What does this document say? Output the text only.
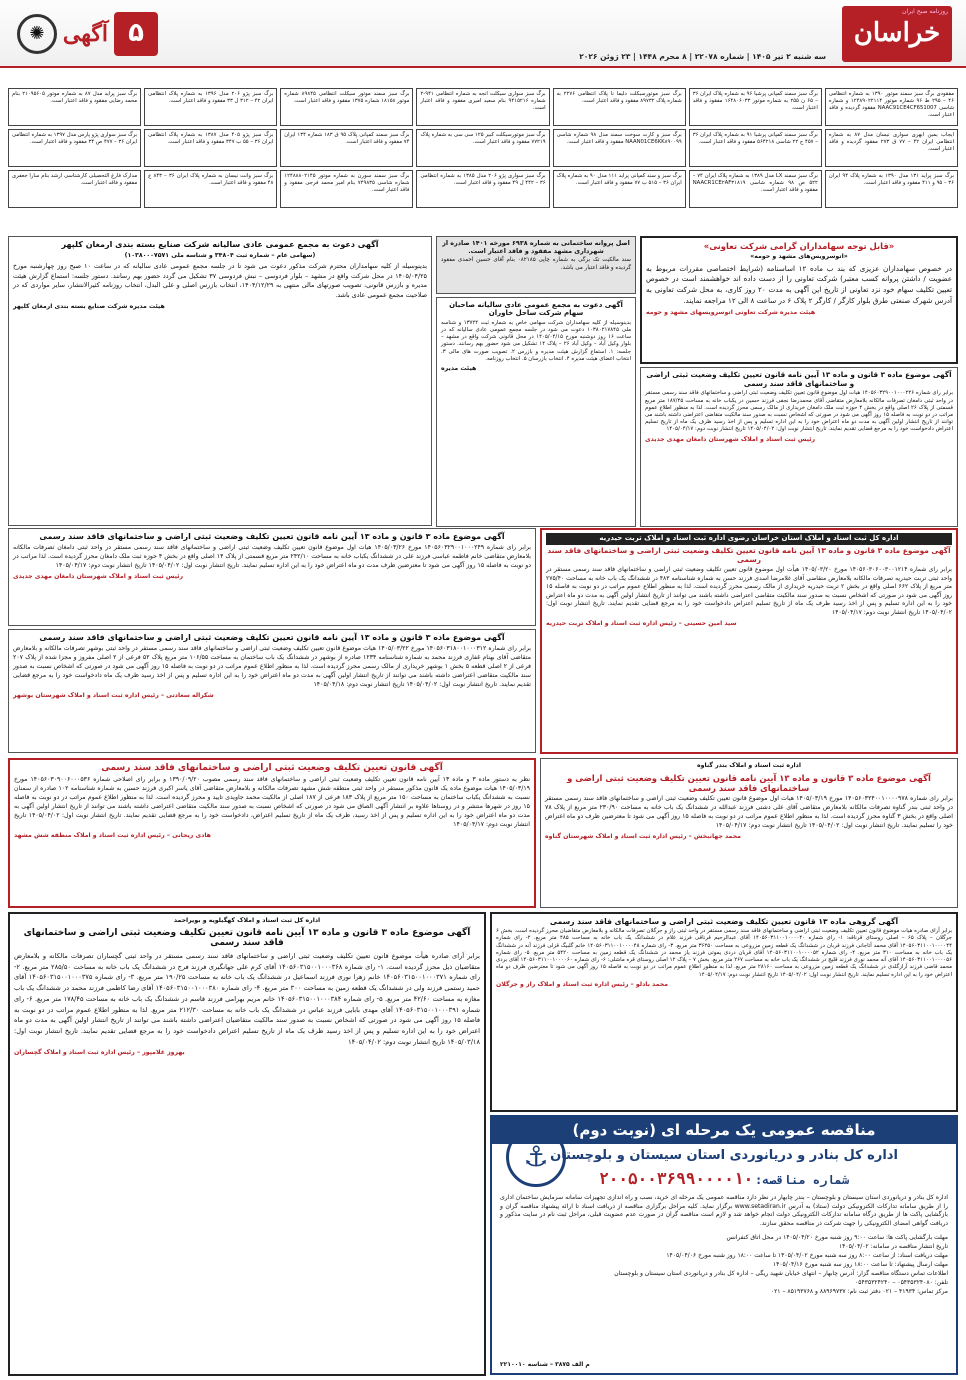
خراسان
روزنامه صبح ایران
سه شنبه ۲ تیر ۱۴۰۵ | شماره ۲۲۰۷۸ | ۸ محرم ۱۴۴۸ | ۲۳ ژوئن ۲۰۲۶
۵
آگهی
✺
مفقودی برگ سبز سمند موتور ۱۳۹۰ به شماره انتظامی ۴۶ – ۲۹۵ ط ۹۶ شماره موتور ۱۲۴۸۹۰۲۲۱۱۴ و شماره شاسی NAAC91CE4CF651007 مفقود گردیده و فاقد اعتبار است.
برگ سبز سمند کمپانی پرشیا ۹۶ به شماره پلاک ایران ۳۶ – ۶۵ ن ۲۵۵ به شماره موتور ۱۶۴۸۰۶۰۳۳ مفقود و فاقد اعتبار است.
برگ سبز موتورسیکلت دلیما نا پلاک انتظامی ۲۲۷۶ به شماره پلاک ۸۹۷۳۲ مفقود و فاقد اعتبار است.
برگ سبز سواری سیکلت انجه به شماره انتظامی ۹۴۱-۲ شماره ۹۴۱۵۲۱۶ بنام سعید امیری مفقود و فاقد اعتبار است.
برگ سبز سمند موتور سیکلت انتظامی ۸۹۸۴۵ شماره موتور ۱۸۱۵۸ شماره ۱۳۷۵ مفقود و فاقد اعتبار است.
برگ سبز پژو ۲۰۶ مدل ۱۳۹۶ به شماره پلاک انتظامی ایران ۴۲ – ۳۱۲ ل ۳۳ مفقود و فاقد اعتبار است.
برگ سبز پراید مدل ۸۷ به شماره موتور ۲۱۰۹۵۶۰۵ بنام محمد رضایی مفقود و فاقد اعتبار است.
ایجاب یمین ابهری سواری نیسان مدل ۸۷ به شماره انتظامی ایران ۴۲ – ۷۷ ق ۲۷۳ مفقود گردیده و فاقد اعتبار است.
برگ سبز سمند کمپانی پرشیا ۹۱ به شماره پلاک ایران ۳۶ – ۴۵۷ ج ۲۲ شاسی ۵۶۴۲۱۸ مفقود و فاقد اعتبار است.
برگ سبز و کارت سوخت سمند مدل ۹۸ شماره شاسی NAAN01CE6KK۸۹۰۰۹۹ مفقود و فاقد اعتبار است.
برگ سبز موتورسیکلت کبیر ۱۲۵ سی سی به شماره پلاک ۷۷۲۱۹ مفقود و فاقد اعتبار است.
برگ سبز سمند کمپانی پلاک ۹۵ ق ۱۸۳ شماره ۱۳۴ ایران ۷۴ مفقود و فاقد اعتبار است.
برگ سبز پژو ۴۰۵ مدل ۱۳۸۷ به شماره پلاک انتظامی ایران ۳۶ – ۵۵ ب ۳۴۷ مفقود و فاقد اعتبار است.
برگ سبز سواری پژو پارس مدل ۱۳۹۷ به شماره انتظامی ایران ۳۶ – ۴۷۷ ص ۳۴ مفقود و فاقد اعتبار است.
برگ سبز پراید ۱۳۱ مدل ۱۳۹۰ به شماره پلاک ۹۴ ایران ۳۶ – ۹۵ و ۴۱۱ مفقود و فاقد اعتبار است.
برگ سبز سمند LX مدل ۱۳۸۹ به شماره پلاک ایران ۷۴ – ۵۲۲ ص ۹۸ شماره شاسی NAACR1CE۲AF۳۱۸۱۹ مفقود و فاقد اعتبار است.
برگ سبز و سند کمپانی پراید ۱۱۱ مدل ۹۰ به شماره پلاک ایران ۳۶ – ۵۱۵ ب ۷۷ مفقود و فاقد اعتبار است.
برگ سبز سواری پژو ۲۰۶ مدل ۱۳۸۵ به شماره انتظامی ۳۶ – ۴۴۲ ل ۴۹ مفقود و فاقد اعتبار است.
برگ سبز سمند سورن به شماره موتور ۱۲۴۸۸۸۰۲۱۴۵ شماره شاسی ۷۴۹۸۳۵ بنام امیر محمد فرجی مفقود و فاقد اعتبار است.
برگ سبز وانت نیسان به شماره پلاک ایران ۳۶ – ۸۴۳ ع ۴۸ مفقود و فاقد اعتبار است.
مدارک فارغ التحصیلی کارشناسی ارشد بنام سارا جعفری مفقود و فاقد اعتبار است.
«قابل توجه سهامداران گرامی شرکت تعاونی»
«اتوسرویس‌های مشهد و حومه»
در خصوص سهامداران عزیزی که بند ب ماده ۱۲ اساسنامه (شرایط اختصاصی مقررات مربوط به عضویت / داشتن پروانه کسب معتبر) شرکت تعاونی را از دست داده اند خواهشمند است در خصوص تعیین تکلیف سهام خود نزد تعاونی از تاریخ این آگهی به مدت ۲۰ روز کاری، به محل شرکت تعاونی به آدرس شهرک صنعتی طرق بلوار کارگر / کارگر ۲ پلاک ۶ در ساعت ۸ الی ۱۲ مراجعه نمایند.
هیئت مدیره شرکت تعاونی اتوسرویسهای مشهد و حومه
آگهی موضوع ماده ۳ قانون و ماده ۱۳ آیین نامه قانون تعیین تکلیف وضعیت ثبتی اراضی و ساختمانهای فاقد سند رسمی
برابر رای شماره ۱۴۰۵۶۰۳۲۹۰۰۱۰۰۰۲۲۶ هیات اول موضوع قانون تعیین تکلیف وضعیت ثبتی اراضی و ساختمانهای فاقد سند رسمی مستقر در واحد ثبتی دامغان تصرفات مالکانه بلامعارض متقاضی آقای محمدرضا نجفی فرزند حسین در یکباب خانه به مساحت ۱۸۷/۴۵ متر مربع قسمتی از پلاک ۲۶ اصلی واقع در بخش ۴ حوزه ثبت ملک دامغان خریداری از مالک رسمی محرز گردیده است. لذا به منظور اطلاع عموم مراتب در دو نوبت به فاصله ۱۵ روز آگهی می شود در صورتی که اشخاص نسبت به صدور سند مالکیت متقاضی اعتراضی داشته باشند می توانند از تاریخ انتشار اولین آگهی به مدت دو ماه اعتراض خود را به این اداره تسلیم و پس از اخذ رسید ظرف یک ماه از تاریخ تسلیم اعتراض دادخواست خود را به مرجع قضایی تقدیم نمایند. تاریخ انتشار نوبت اول: ۱۴۰۵/۰۴/۰۲ تاریخ انتشار نوبت دوم: ۱۴۰۵/۰۴/۱۷
رئیس ثبت اسناد و املاک شهرستان دامغان مهدی جدیدی
اصل پروانه ساختمانی به شماره ۶۹۳۸ مورخه ۱۴۰۱ صادره از شهرداری مشهد مفقود و فاقد اعتبار است.
سند مالکیت تک برگی به شماره چاپی ۰۸۲۱۸۵ بنام آقای حسین احمدی مفقود گردیده و فاقد اعتبار می باشد.
آگهی دعوت به مجمع عمومی عادی سالیانه صاحبان سهام شرکت ساحل خاوران
بدینوسیله از کلیه سهامداران شرکت سهامی خاص به شماره ثبت ۱۳۷۲۴ و شناسه ملی ۱۰۳۸۰۲۱۷۸۴۵ دعوت می شود در جلسه مجمع عمومی عادی سالیانه که در ساعت ۱۶ روز دوشنبه مورخ ۱۴۰۵/۰۴/۱۵ در محل قانونی شرکت واقع در مشهد – بلوار وکیل آباد – وکیل آباد ۲۶ – پلاک ۱۴ تشکیل می شود حضور بهم رسانند. دستور جلسه: ۱. استماع گزارش هیئت مدیره و بازرس ۲. تصویب صورت های مالی ۳. انتخاب اعضای هیئت مدیره ۴. انتخاب بازرسان ۵. انتخاب روزنامه.
هیئت مدیره
آگهی دعوت به مجمع عمومی عادی سالیانه شرکت صنایع بسته بندی ارمغان کلپهر
(سهامی عام – شماره ثبت ۳۴۸۰۴ و شناسه ملی ۱۰۳۸۰۰۰۷۵۷۱)
بدینوسیله از کلیه سهامداران محترم شرکت مذکور دعوت می شود تا در جلسه مجمع عمومی عادی سالیانه که در ساعت ۱۰ صبح روز چهارشنبه مورخ ۱۴۰۵/۰۴/۲۵ در محل شرکت واقع در مشهد – بلوار فردوسی – نبش فردوسی ۳۷ تشکیل می گردد حضور بهم رسانند. دستور جلسه: استماع گزارش هیئت مدیره و بازرس قانونی، تصویب صورتهای مالی منتهی به ۱۴۰۴/۱۲/۲۹، انتخاب بازرس اصلی و علی البدل، انتخاب روزنامه کثیرالانتشار، سایر مواردی که در صلاحیت مجمع عمومی عادی باشد.
هیئت مدیره شرکت صنایع بسته بندی ارمغان کلپهر
اداره کل ثبت اسناد و املاک استان خراسان رضوی اداره ثبت اسناد و املاک تربت حیدریه
آگهی موضوع ماده ۳ قانون و ماده ۱۳ آیین نامه قانون تعیین تکلیف وضعیت ثبتی اراضی و ساختمانهای فاقد سند رسمی
برابر رای شماره ۱۴۰۵۶۰۳۰۶۰۰۳۰۰۱۲۱۴ مورخ ۱۴۰۵/۰۳/۲۰ هیأت اول موضوع قانون تعیین تکلیف وضعیت ثبتی اراضی و ساختمانهای فاقد سند رسمی مستقر در واحد ثبتی تربت حیدریه تصرفات مالکانه بلامعارض متقاضی آقای غلامرضا اسدی فرزند حسن به شماره شناسنامه ۴۸۳ در ششدانگ یک باب خانه به مساحت ۲۷۵/۴۰ متر مربع از پلاک ۶۶۲ اصلی واقع در بخش ۲ تربت حیدریه خریداری از مالک رسمی محرز گردیده است. لذا به منظور اطلاع عموم مراتب در دو نوبت به فاصله ۱۵ روز آگهی می شود در صورتی که اشخاص نسبت به صدور سند مالکیت متقاضی اعتراضی داشته باشند می توانند از تاریخ انتشار اولین آگهی به مدت دو ماه اعتراض خود را به این اداره تسلیم و پس از اخذ رسید ظرف یک ماه از تاریخ تسلیم اعتراض دادخواست خود را به مرجع قضایی تقدیم نمایند. تاریخ انتشار نوبت اول: ۱۴۰۵/۰۴/۰۲ تاریخ انتشار نوبت دوم: ۱۴۰۵/۰۴/۱۷
سید امین حسینی – رئیس اداره ثبت اسناد و املاک تربت حیدریه
آگهی موضوع ماده ۳ قانون و ماده ۱۳ آیین نامه قانون تعیین تکلیف وضعیت ثبتی اراضی و ساختمانهای فاقد سند رسمی
برابر رای شماره ۱۴۰۵۶۰۳۲۹۰۰۱۰۰۰۲۴۹ مورخ ۱۴۰۵/۰۳/۲۶ هیات اول موضوع قانون تعیین تکلیف وضعیت ثبتی اراضی و ساختمانهای فاقد سند رسمی مستقر در واحد ثبتی دامغان تصرفات مالکانه بلامعارض متقاضی خانم فاطمه عباسی فرزند علی در ششدانگ یکباب خانه به مساحت ۲۴۲/۱۰ متر مربع قسمتی از پلاک ۱۴ اصلی واقع در بخش ۴ حوزه ثبت ملک دامغان محرز گردیده است. لذا مراتب در دو نوبت به فاصله ۱۵ روز آگهی می شود تا معترضین ظرف مدت دو ماه اعتراض خود را به این اداره تسلیم نمایند. تاریخ انتشار نوبت اول: ۱۴۰۵/۰۴/۰۲ تاریخ انتشار نوبت دوم: ۱۴۰۵/۰۴/۱۷
رئیس ثبت اسناد و املاک شهرستان دامغان مهدی جدیدی
آگهی موضوع ماده ۳ قانون و ماده ۱۳ آیین نامه قانون تعیین تکلیف وضعیت ثبتی اراضی و ساختمانهای فاقد سند رسمی
برابر رای شماره ۱۴۰۵۶۰۳۱۸۰۰۱۰۰۰۳۱۲ مورخ ۱۴۰۵/۰۳/۲۲ هیات موضوع قانون تعیین تکلیف وضعیت ثبتی اراضی و ساختمانهای فاقد سند رسمی مستقر در واحد ثبتی بوشهر تصرفات مالکانه و بلامعارض متقاضی آقای بهنام غفاری فرزند محمد به شماره شناسنامه ۱۲۳۴ صادره از بوشهر در ششدانگ یک باب ساختمان به مساحت ۱۰۶/۵۵ متر مربع پلاک ۵۲ فرعی از ۲ اصلی مفروز و مجزا شده از پلاک ۲۰۷ فرعی از ۲ اصلی قطعه ۵ بخش ۱ بوشهر خریداری از مالک رسمی محرز گردیده است. لذا به منظور اطلاع عموم مراتب در دو نوبت به فاصله ۱۵ روز آگهی می شود در صورتی که اشخاص نسبت به صدور سند مالکیت متقاضی اعتراضی داشته باشند می توانند از تاریخ انتشار اولین آگهی به مدت دو ماه اعتراض خود را به این اداره تسلیم و پس از اخذ رسید ظرف یک ماه دادخواست خود را به مرجع قضایی تقدیم نمایند. تاریخ انتشار نوبت اول: ۱۴۰۵/۰۴/۰۲ تاریخ انتشار نوبت دوم: ۱۴۰۵/۰۴/۱۸
شکراله سعادتی – رئیس اداره ثبت اسناد و املاک شهرستان بوشهر
اداره ثبت اسناد و املاک بندر گناوه
آگهی موضوع ماده ۳ قانون و ماده ۱۳ آیین نامه قانون تعیین تکلیف وضعیت ثبتی اراضی و ساختمانهای فاقد سند رسمی
برابر رای شماره ۱۴۰۵۶۰۳۲۴۰۰۱۰۰۰۰۹۷۸ مورخ ۱۴۰۵/۰۳/۱۹ هیات اول موضوع قانون تعیین تکلیف وضعیت ثبتی اراضی و ساختمانهای فاقد سند رسمی مستقر در واحد ثبتی بندر گناوه تصرفات مالکانه بلامعارض متقاضی آقای علی دشتی فرزند عبدالله در ششدانگ یک باب خانه به مساحت ۲۳۰/۹۰ متر مربع از پلاک ۷۸ اصلی واقع در بخش ۳ گناوه محرز گردیده است. لذا به منظور اطلاع عموم مراتب در دو نوبت به فاصله ۱۵ روز آگهی می شود تا معترضین ظرف دو ماه اعتراض خود را تسلیم نمایند. تاریخ انتشار نوبت اول: ۱۴۰۵/۰۴/۰۲ تاریخ انتشار نوبت دوم: ۱۴۰۵/۰۴/۱۷
محمد جهانبخش – رئیس اداره ثبت اسناد و املاک شهرستان گناوه
آگهی قانون تعیین تکلیف وضعیت ثبتی اراضی و ساختمانهای فاقد سند رسمی
نظر به دستور ماده ۳ و ماده ۱۳ آیین نامه قانون تعیین تکلیف وضعیت ثبتی اراضی و ساختمانهای فاقد سند رسمی مصوب ۱۳۹۰/۰۹/۲۰ و برابر رای اصلاحی شماره ۱۴۰۵۶۰۳۰۹۰۰۶۰۰۰۵۳۶ مورخ ۱۴۰۵/۰۳/۱۹ هیات موضوع ماده یک قانون مذکور مستقر در واحد ثبتی منطقه شش مشهد تصرفات مالکانه و بلامعارض متقاضی آقای یاسر اکبری فرزند حسین به شماره شناسنامه ۱۰۲ صادره از سمنان نسبت به ششدانگ یکباب ساختمان به مساحت ۱۵۰ متر مربع از پلاک ۱۸۳ فرعی از ۱۸۷ اصلی از مالکیت محمد جاویدی تایید و محرز گردیده است. لذا به منظور اطلاع عموم مراتب در دو نوبت به فاصله ۱۵ روز در شهرها منتشر و در روستاها علاوه بر انتشار آگهی الصاق می شود در صورتی که اشخاص نسبت به صدور سند مالکیت متقاضی اعتراضی داشته باشند می توانند از تاریخ انتشار اولین آگهی به مدت دو ماه اعتراض خود را به این اداره تسلیم و پس از اخذ رسید، ظرف یک ماه از تاریخ تسلیم اعتراض، دادخواست خود را به مرجع قضایی تقدیم نمایند. تاریخ انتشار نوبت اول: ۱۴۰۵/۰۴/۰۲ تاریخ انتشار نوبت دوم: ۱۴۰۵/۰۴/۱۷
هادی ریحانی – رئیس اداره ثبت اسناد و املاک منطقه شش مشهد
آگهی گروهی ماده ۱۳ قانون تعیین تکلیف وضعیت ثبتی اراضی و ساختمانهای فاقد سند رسمی
برابر آرای صادره هیات موضوع قانون تعیین تکلیف وضعیت ثبتی اراضی و ساختمانهای فاقد سند رسمی مستقر در واحد ثبتی راز و جرگلان تصرفات مالکانه و بلامعارض متقاضیان محرز گردیده است. بخش ۶ جرگلان – پلاک ۶۵ – اصلی روستای قرناقه: ۱- رای شماره ۱۴۰۵۶۰۳۱۱۰۰۱۰۰۰۰۴۰ آقای عبدالرحیم قرناقی فرزند غلام در ششدانگ یک باب خانه به مساحت ۴۸۵ متر مربع. ۲- رای شماره ۱۴۰۵۶۰۳۱۱۰۰۱۰۰۰۰۴۴ آقای محمد آتاجانی فرزند قربان در ششدانگ یک قطعه زمین مزروعی به مساحت ۳۶۲۵۰ متر مربع. ۳- رای شماره ۱۴۰۵۶۰۳۱۱۰۰۱۰۰۰۰۴۸ خانم گلبیگ قزلی فرزند آنه در ششدانگ یک باب خانه به مساحت ۳۱۰ متر مربع. ۴- رای شماره ۱۴۰۵۶۰۳۱۱۰۰۱۰۰۰۰۵۲ آقای قربان دردی یموتی فرزند یاز محمد در ششدانگ یک قطعه زمین به مساحت ۵۴۲۰ متر مربع. ۵- رای شماره ۱۴۰۵۶۰۳۱۱۰۰۱۰۰۰۰۵۶ آقای آنه محمد نوری فرزند قلیچ در ششدانگ یک باب خانه به مساحت ۲۶۷ متر مربع. بخش ۷ – پلاک ۱۲ اصلی روستای قره ماشلی: ۶- رای شماره ۱۴۰۵۶۰۳۱۱۰۰۱۰۰۰۰۶۰ آقای بردی محمد قاضی فرزند آرازگلدی در ششدانگ یک قطعه زمین مزروعی به مساحت ۲۸۱۶۰ متر مربع. لذا به منظور اطلاع عموم مراتب در دو نوبت به فاصله ۱۵ روز آگهی می شود تا معترضین ظرف دو ماه اعتراض خود را به این اداره تسلیم نمایند. تاریخ انتشار نوبت اول: ۱۴۰۵/۰۴/۰۲ تاریخ انتشار نوبت دوم: ۱۴۰۵/۰۴/۱۷
محمد بادلو – رئیس اداره ثبت اسناد و املاک راز و جرگلان
⚓
مناقصه عمومی یک مرحله ای (نوبت دوم)
اداره کل بنادر و دریانوردی استان سیستان و بلوچستان
شماره مناقصه: ۲۰۰۵۰۰۳۶۹۹۰۰۰۰۱۰
اداره کل بنادر و دریانوردی استان سیستان و بلوچستان – بندر چابهار در نظر دارد مناقصه عمومی یک مرحله ای خرید، نصب و راه اندازی تجهیزات سامانه سرمایش ساختمان اداری را از طریق سامانه تدارکات الکترونیکی دولت (ستاد) به آدرس www.setadiran.ir برگزار نماید. کلیه مراحل برگزاری مناقصه از دریافت اسناد تا ارائه پیشنهاد مناقصه گران و بازگشایی پاکت ها از طریق درگاه سامانه تدارکات الکترونیکی دولت انجام خواهد شد و لازم است مناقصه گران در صورت عدم عضویت قبلی، مراحل ثبت نام در سایت مذکور و دریافت گواهی امضای الکترونیکی را جهت شرکت در مناقصه محقق سازند.
مهلت بارگشایی پاکت ها: ساعت ۹:۰۰ روز شنبه مورخ ۱۴۰۵/۰۴/۲۰ در محل اتاق کنفرانس
تاریخ انتشار مناقصه در سامانه: ۱۴۰۵/۰۴/۰۲
مهلت دریافت اسناد: از ساعت ۸:۰۰ روز سه شنبه مورخ ۱۴۰۵/۰۴/۰۲ تا ساعت ۱۸:۰۰ روز شنبه مورخ ۱۴۰۵/۰۴/۰۶
مهلت ارسال پیشنهاد: تا ساعت ۱۸:۰۰ روز سه شنبه مورخ ۱۴۰۵/۰۴/۱۶
اطلاعات تماس دستگاه مناقصه گزار: آدرس چابهار – انتهای خیابان شهید ریگی – اداره کل بنادر و دریانوردی استان سیستان و بلوچستان
تلفن: ۰۵۴۳۵۳۲۴۰۸۰ – ۰۵۴۳۵۳۲۴۲۴۰
مرکز تماس: ۴۱۹۳۴ – ۰۲۱ دفتر ثبت نام: ۸۸۹۶۹۷۳۷ و ۸۵۱۹۳۷۶۸ – ۰۲۱
م الف ۳۸۷۵ – شناسه ۲۲۱۰۰۱۰
اداره کل ثبت اسناد و املاک کهگیلویه و بویراحمد
آگهی موضوع ماده ۳ قانون و ماده ۱۳ آیین نامه قانون تعیین تکلیف وضعیت ثبتی اراضی و ساختمانهای فاقد سند رسمی
برابر آرای صادره هیأت موضوع قانون تعیین تکلیف وضعیت ثبتی اراضی و ساختمانهای فاقد سند رسمی مستقر در واحد ثبتی گچساران تصرفات مالکانه و بلامعارض متقاضیان ذیل محرز گردیده است. ۱- رای شماره ۱۴۰۵۶۰۳۱۵۰۰۱۰۰۰۳۶۸ آقای کرم علی جهانگیری فرزند فرج در ششدانگ یک باب خانه به مساحت ۲۸۵/۵۰ متر مربع. ۲- رای شماره ۱۴۰۵۶۰۳۱۵۰۰۱۰۰۰۳۷۱ خانم زهرا نوری فرزند اسماعیل در ششدانگ یک باب خانه به مساحت ۱۹۰/۲۵ متر مربع. ۳- رای شماره ۱۴۰۵۶۰۳۱۵۰۰۱۰۰۰۳۷۵ آقای حمید رستمی فرزند ولی در ششدانگ یک قطعه زمین به مساحت ۳۰۰ متر مربع. ۴- رای شماره ۱۴۰۵۶۰۳۱۵۰۰۱۰۰۰۳۸۰ آقای رضا کاظمی فرزند محمد در ششدانگ یک باب مغازه به مساحت ۴۲/۶۰ متر مربع. ۵- رای شماره ۱۴۰۵۶۰۳۱۵۰۰۱۰۰۰۳۸۴ خانم مریم بهرامی فرزند قاسم در ششدانگ یک باب خانه به مساحت ۱۷۸/۴۵ متر مربع. ۶- رای شماره ۱۴۰۵۶۰۳۱۵۰۰۱۰۰۰۳۹۱ آقای مهدی بابایی فرزند عباس در ششدانگ یک باب خانه به مساحت ۲۱۲/۳۰ متر مربع. لذا به منظور اطلاع عموم مراتب در دو نوبت به فاصله ۱۵ روز آگهی می شود در صورتی که اشخاص نسبت به صدور سند مالکیت متقاضیان اعتراضی داشته باشند می توانند از تاریخ انتشار اولین آگهی به مدت دو ماه اعتراض خود را به این اداره تسلیم و پس از اخذ رسید ظرف یک ماه از تاریخ تسلیم اعتراض دادخواست خود را به مرجع قضایی تقدیم نمایند. تاریخ انتشار نوبت اول: ۱۴۰۵/۰۳/۱۸ تاریخ انتشار نوبت دوم: ۱۴۰۵/۰۴/۰۲
بهروز غلامپور – رئیس اداره ثبت اسناد و املاک گچساران
